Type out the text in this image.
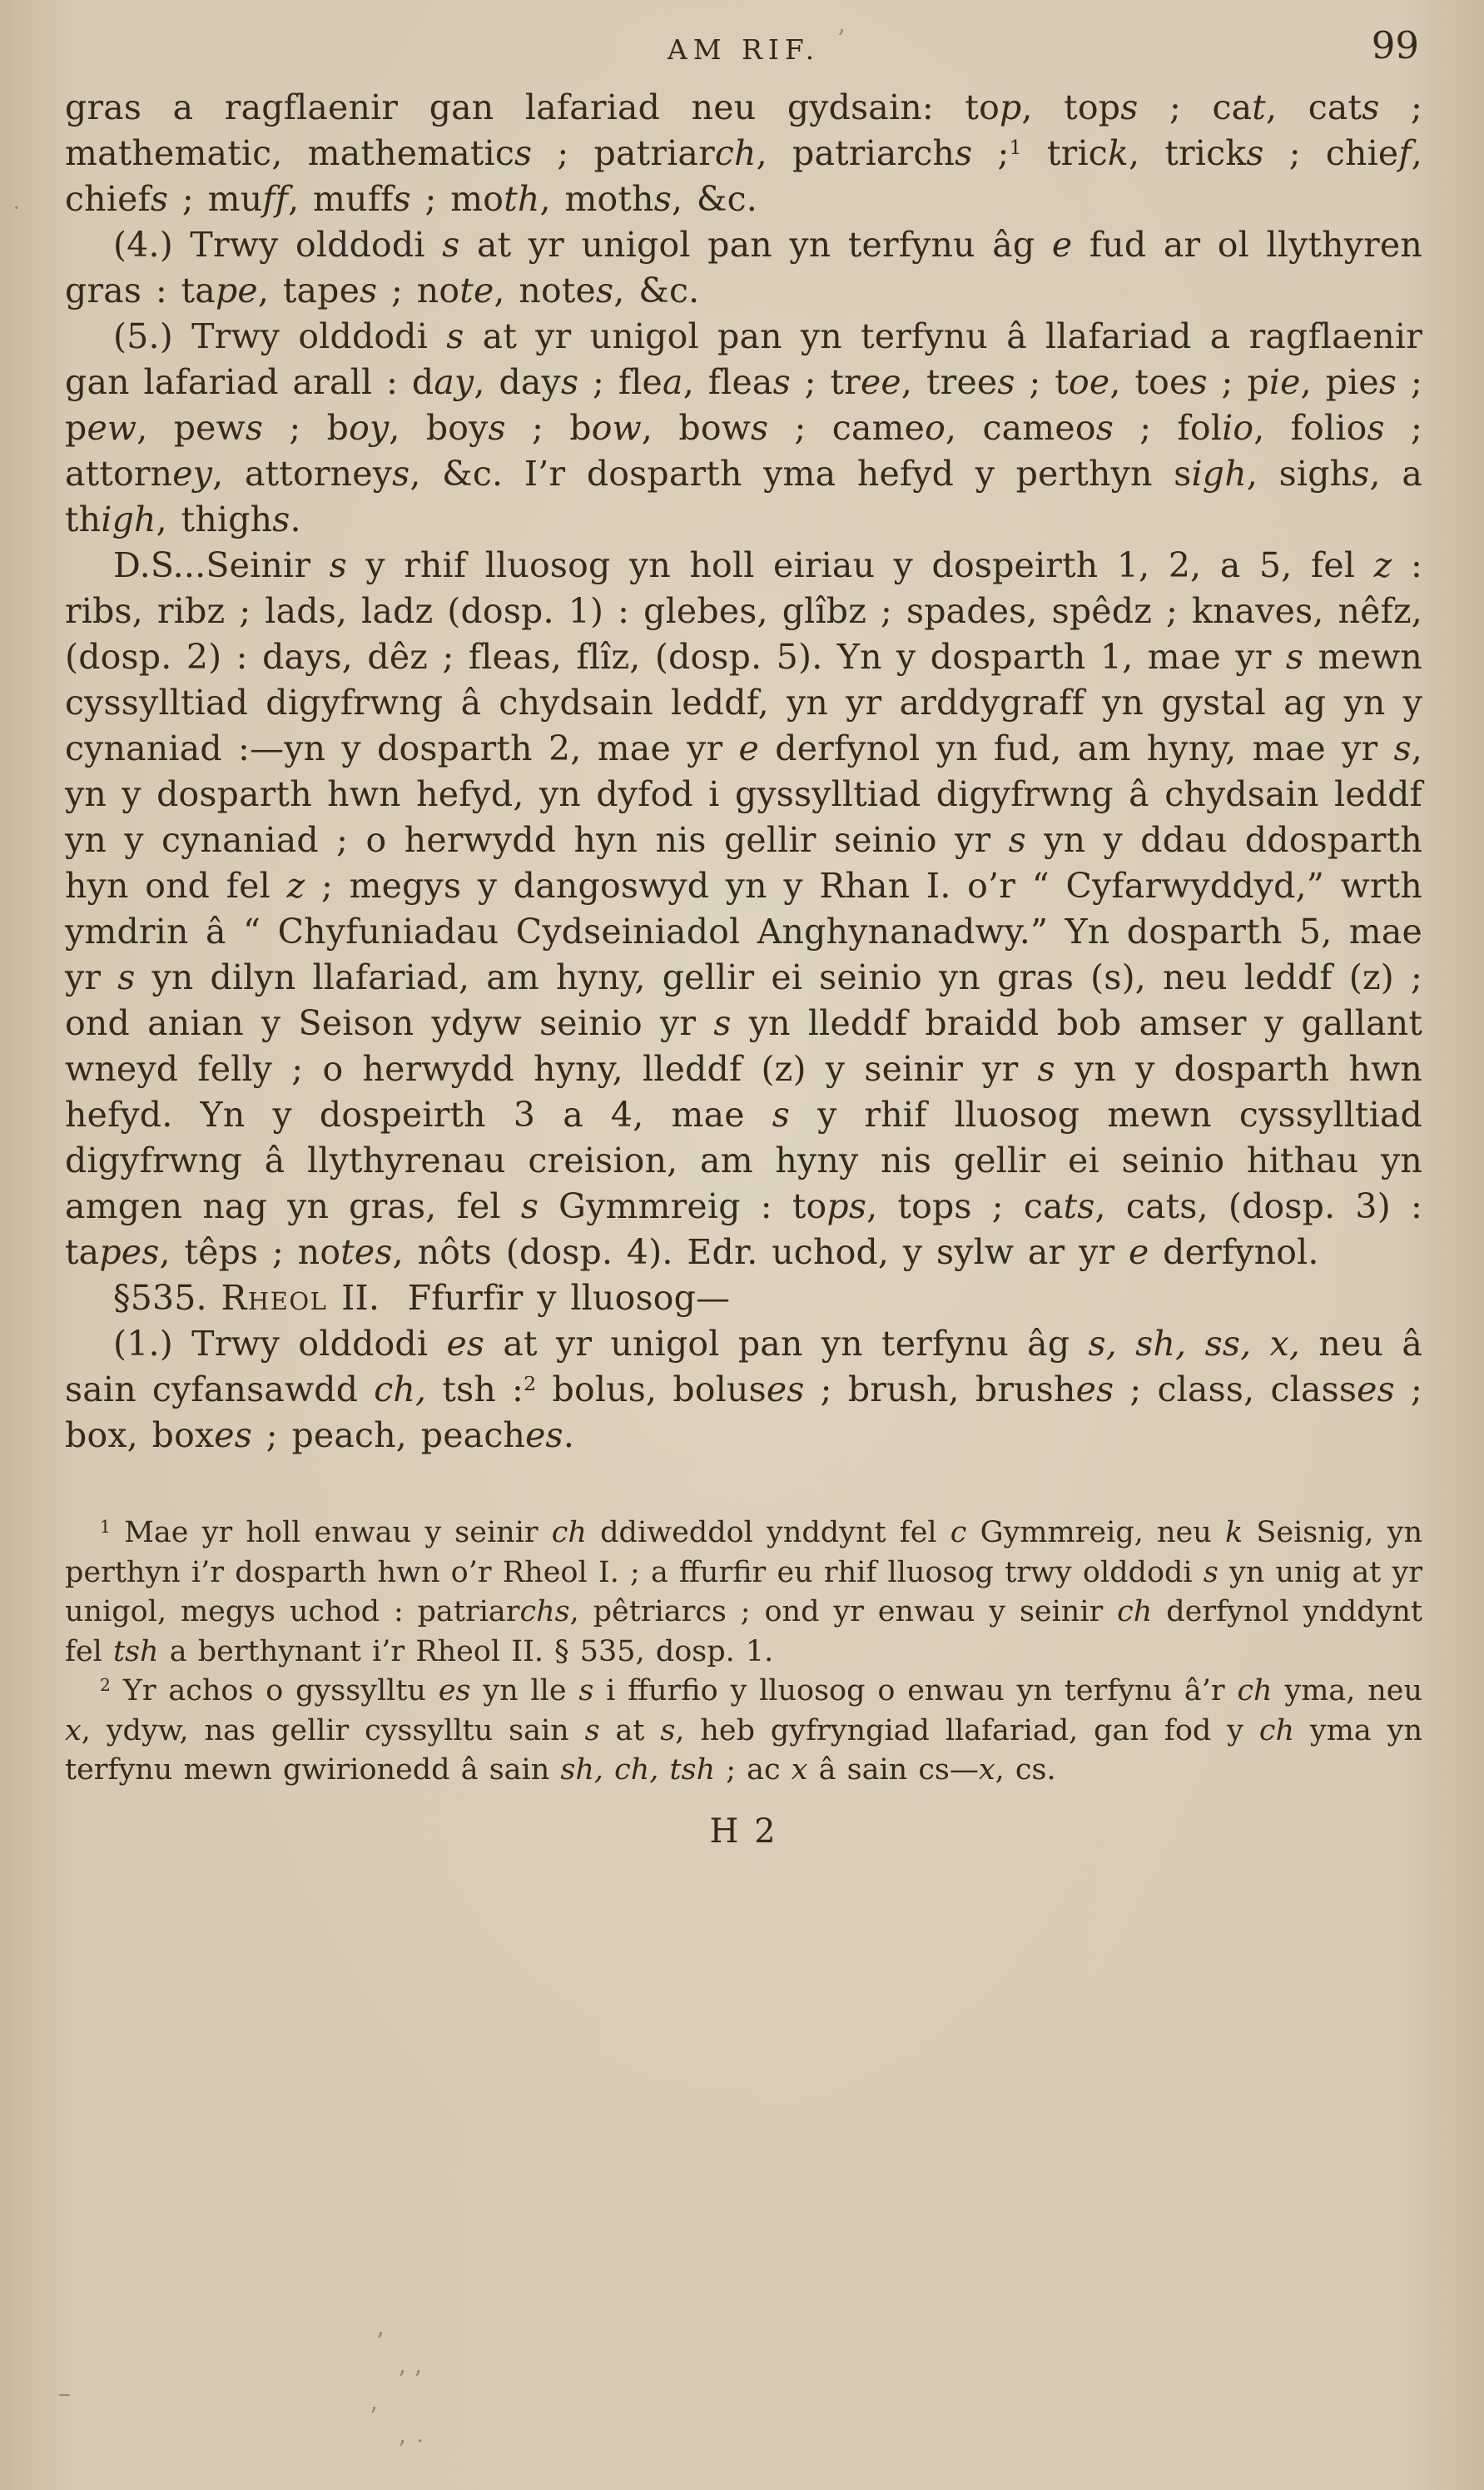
AM RIF.	99

gras a ragflaenir gan lafariad neu gydsain: top, tops ; cat, cats ; mathematic, mathematics ; patriarch, patriarchs ;$^1$ trick, tricks ; chief, chiefs ; muff, muffs ; moth, moths, &c.

(4.) Trwy olddodi s at yr unigol pan yn terfynu âg e fud ar ol llythyren gras : tape, tapes ; note, notes, &c.

(5.) Trwy olddodi s at yr unigol pan yn terfynu â llafariad a ragflaenir gan lafariad arall : day, days ; flea, fleas ; tree, trees ; toe, toes ; pie, pies ; pew, pews ; boy, boys ; bow, bows ; cameo, cameos ; folio, folios ; attorney, attorneys, &c. I’r dosparth yma hefyd y perthyn sigh, sighs, a thigh, thighs.

D.S...Seinir s y rhif lluosog yn holl eiriau y dospeirth 1, 2, a 5, fel z : ribs, ribz ; lads, ladz (dosp. 1) : glebes, glîbz ; spades, spêdz ; knaves, nêfz, (dosp. 2) : days, dêz ; fleas, flîz, (dosp. 5). Yn y dosparth 1, mae yr s mewn cyssylltiad digyfrwng â chydsain leddf, yn yr arddygraff yn gystal ag yn y cynaniad :—yn y dosparth 2, mae yr e derfynol yn fud, am hyny, mae yr s, yn y dosparth hwn hefyd, yn dyfod i gyssylltiad digyfrwng â chydsain leddf yn y cynaniad ; o herwydd hyn nis gellir seinio yr s yn y ddau ddosparth hyn ond fel z ; megys y dangoswyd yn y Rhan I. o’r “ Cyfarwyddyd,” wrth ymdrin â “ Chyfuniadau Cydseiniadol Anghynanadwy.” Yn dosparth 5, mae yr s yn dilyn llafariad, am hyny, gellir ei seinio yn gras (s), neu leddf (z) ; ond anian y Seison ydyw seinio yr s yn lleddf braidd bob amser y gallant wneyd felly ; o herwydd hyny, lleddf (z) y seinir yr s yn y dosparth hwn hefyd. Yn y dospeirth 3 a 4, mae s y rhif lluosog mewn cyssylltiad digyfrwng â llythyrenau creision, am hyny nis gellir ei seinio hithau yn amgen nag yn gras, fel s Gymmreig : tops, tops ; cats, cats, (dosp. 3) : tapes, têps ; notes, nôts (dosp. 4). Edr. uchod, y sylw ar yr e derfynol.

§535. Rheol II.  Ffurfir y lluosog—

(1.) Trwy olddodi es at yr unigol pan yn terfynu âg s, sh, ss, x, neu â sain cyfansawdd ch, tsh :$^2$ bolus, boluses ; brush, brushes ; class, classes ; box, boxes ; peach, peaches.

$^1$ Mae yr holl enwau y seinir ch ddiweddol ynddynt fel c Gymmreig, neu k Seisnig, yn perthyn i’r dosparth hwn o’r Rheol I. ; a ffurfir eu rhif lluosog trwy olddodi s yn unig at yr unigol, megys uchod : patriarchs, pêtriarcs ; ond yr enwau y seinir ch derfynol ynddynt fel tsh a berthynant i’r Rheol II. § 535, dosp. 1.

$^2$ Yr achos o gyssylltu es yn lle s i ffurfio y lluosog o enwau yn terfynu â’r ch yma, neu x, ydyw, nas gellir cyssylltu sain s at s, heb gyfryngiad llafariad, gan fod y ch yma yn terfynu mewn gwirionedd â sain sh, ch, tsh ; ac x â sain cs—x, cs.

H 2
’
·
’
’ ’
’
’ ˙
–
